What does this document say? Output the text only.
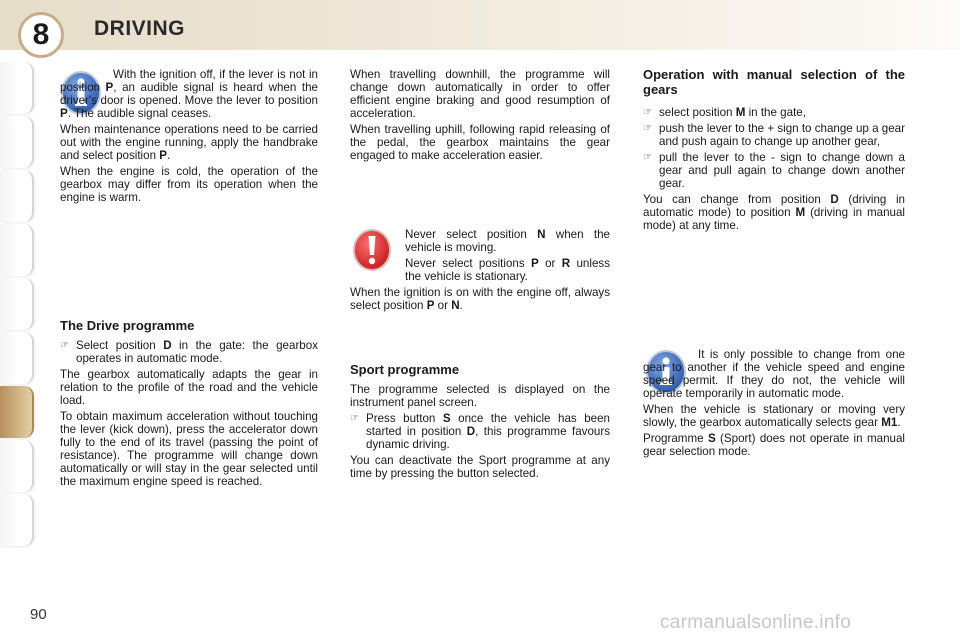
8	DRIVING

With the ignition off, if the lever is not in position P, an audible signal is heard when the driver's door is opened. Move the lever to position P. The audible signal ceases.

When maintenance operations need to be carried out with the engine running, apply the handbrake and select position P.

When the engine is cold, the operation of the gearbox may differ from its operation when the engine is warm.

The Drive programme
☞ Select position D in the gate: the gearbox operates in automatic mode.

The gearbox automatically adapts the gear in relation to the profile of the road and the vehicle load.

To obtain maximum acceleration without touching the lever (kick down), press the accelerator down fully to the end of its travel (passing the point of resistance). The programme will change down automatically or will stay in the gear selected until the maximum engine speed is reached.

When travelling downhill, the programme will change down automatically in order to offer efficient engine braking and good resumption of acceleration.

When travelling uphill, following rapid releasing of the pedal, the gearbox maintains the gear engaged to make acceleration easier.

Never select position N when the vehicle is moving.

Never select positions P or R unless the vehicle is stationary.

When the ignition is on with the engine off, always select position P or N.

Sport programme

The programme selected is displayed on the instrument panel screen.

☞ Press button S once the vehicle has been started in position D, this programme favours dynamic driving.

You can deactivate the Sport programme at any time by pressing the button selected.

Operation with manual selection of the gears
☞ select position M in the gate,
☞ push the lever to the + sign to change up a gear and push again to change up another gear,
☞ pull the lever to the - sign to change down a gear and pull again to change down another gear.

You can change from position D (driving in automatic mode) to position M (driving in manual mode) at any time.

It is only possible to change from one gear to another if the vehicle speed and engine speed permit. If they do not, the vehicle will operate temporarily in automatic mode.

When the vehicle is stationary or moving very slowly, the gearbox automatically selects gear M1.

Programme S (Sport) does not operate in manual gear selection mode.

90	carmanualsonline.info
